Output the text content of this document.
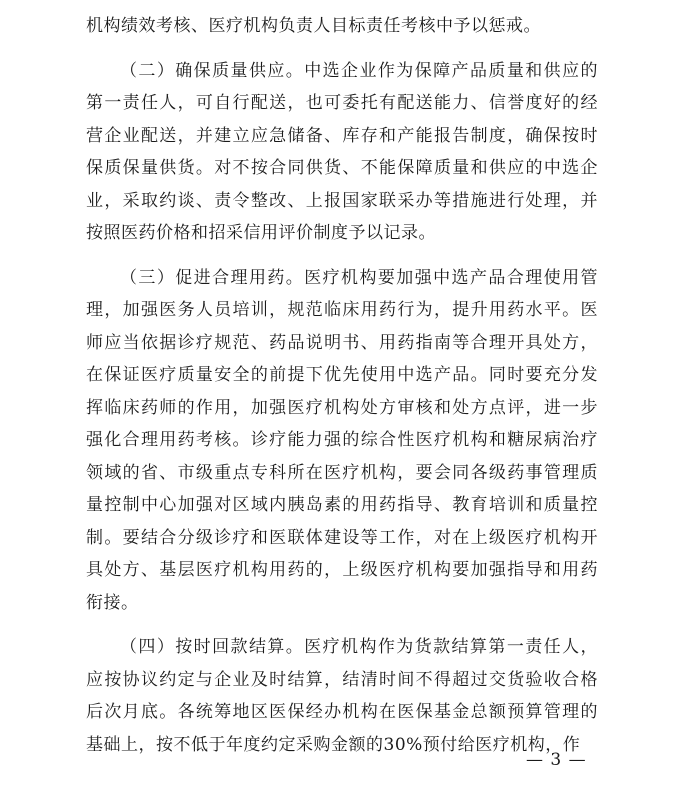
机构绩效考核、医疗机构负责人目标责任考核中予以惩戒。
（二）确保质量供应。中选企业作为保障产品质量和供应的
第一责任人，可自行配送，也可委托有配送能力、信誉度好的经
营企业配送，并建立应急储备、库存和产能报告制度，确保按时
保质保量供货。对不按合同供货、不能保障质量和供应的中选企
业，采取约谈、责令整改、上报国家联采办等措施进行处理，并
按照医药价格和招采信用评价制度予以记录。
（三）促进合理用药。医疗机构要加强中选产品合理使用管
理，加强医务人员培训，规范临床用药行为，提升用药水平。医
师应当依据诊疗规范、药品说明书、用药指南等合理开具处方，
在保证医疗质量安全的前提下优先使用中选产品。同时要充分发
挥临床药师的作用，加强医疗机构处方审核和处方点评，进一步
强化合理用药考核。诊疗能力强的综合性医疗机构和糖尿病治疗
领域的省、市级重点专科所在医疗机构，要会同各级药事管理质
量控制中心加强对区域内胰岛素的用药指导、教育培训和质量控
制。要结合分级诊疗和医联体建设等工作，对在上级医疗机构开
具处方、基层医疗机构用药的，上级医疗机构要加强指导和用药
衔接。
（四）按时回款结算。医疗机构作为货款结算第一责任人，
应按协议约定与企业及时结算，结清时间不得超过交货验收合格
后次月底。各统筹地区医保经办机构在医保基金总额预算管理的
基础上，按不低于年度约定采购金额的30%预付给医疗机构，作
— 3 —
